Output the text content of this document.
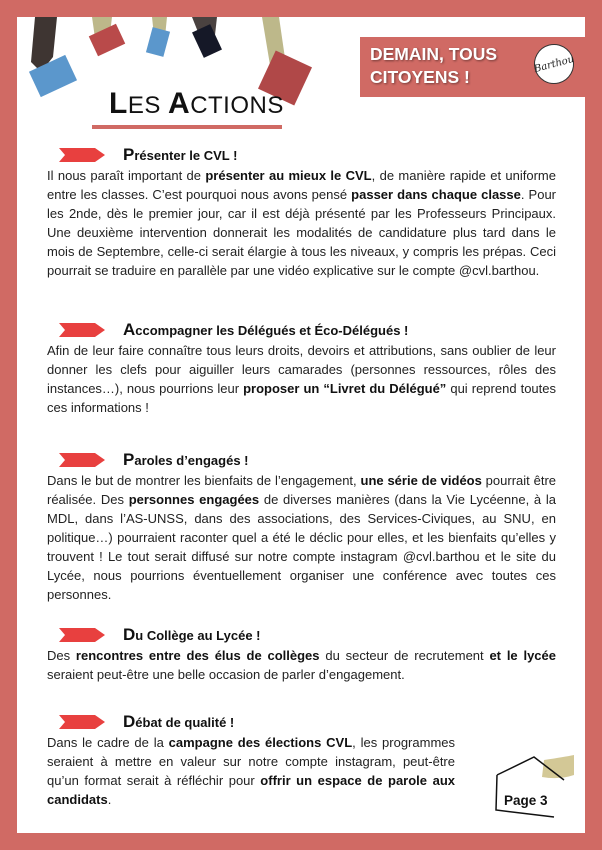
LES ACTIONS
DEMAIN, TOUS
CITOYENS !
Barthou
Présenter le CVL !
Il nous paraît important de présenter au mieux le CVL, de manière rapide et uniforme entre les classes. C’est pourquoi nous avons pensé passer dans chaque classe. Pour les 2nde, dès le premier jour, car il est déjà présenté par les Professeurs Principaux. Une deuxième intervention donnerait les modalités de candidature plus tard dans le mois de Septembre, celle-ci serait élargie à tous les niveaux, y compris les prépas. Ceci pourrait se traduire en parallèle par une vidéo explicative sur le compte @cvl.barthou.
Accompagner les Délégués et Éco-Délégués !
Afin de leur faire connaître tous leurs droits, devoirs et attributions, sans oublier de leur donner les clefs pour aiguiller leurs camarades (personnes ressources, rôles des instances…), nous pourrions leur proposer un “Livret du Délégué” qui reprend toutes ces informations !
Paroles d’engagés !
Dans le but de montrer les bienfaits de l’engagement, une série de vidéos pourrait être réalisée. Des personnes engagées de diverses manières (dans la Vie Lycéenne, à la MDL, dans l’AS-UNSS, dans des associations, des Services-Civiques, au SNU, en politique…) pourraient raconter quel a été le déclic pour elles, et les bienfaits qu’elles y trouvent ! Le tout serait diffusé sur notre compte instagram @cvl.barthou et le site du Lycée, nous pourrions éventuellement organiser une conférence avec toutes ces personnes.
Du Collège au Lycée !
Des rencontres entre des élus de collèges du secteur de recrutement et le lycée seraient peut-être une belle occasion de parler d’engagement.
Débat de qualité !
Dans le cadre de la campagne des élections CVL, les programmes seraient à mettre en valeur sur notre compte instagram, peut-être qu’un format serait à réfléchir pour offrir un espace de parole aux candidats.	Page 3
